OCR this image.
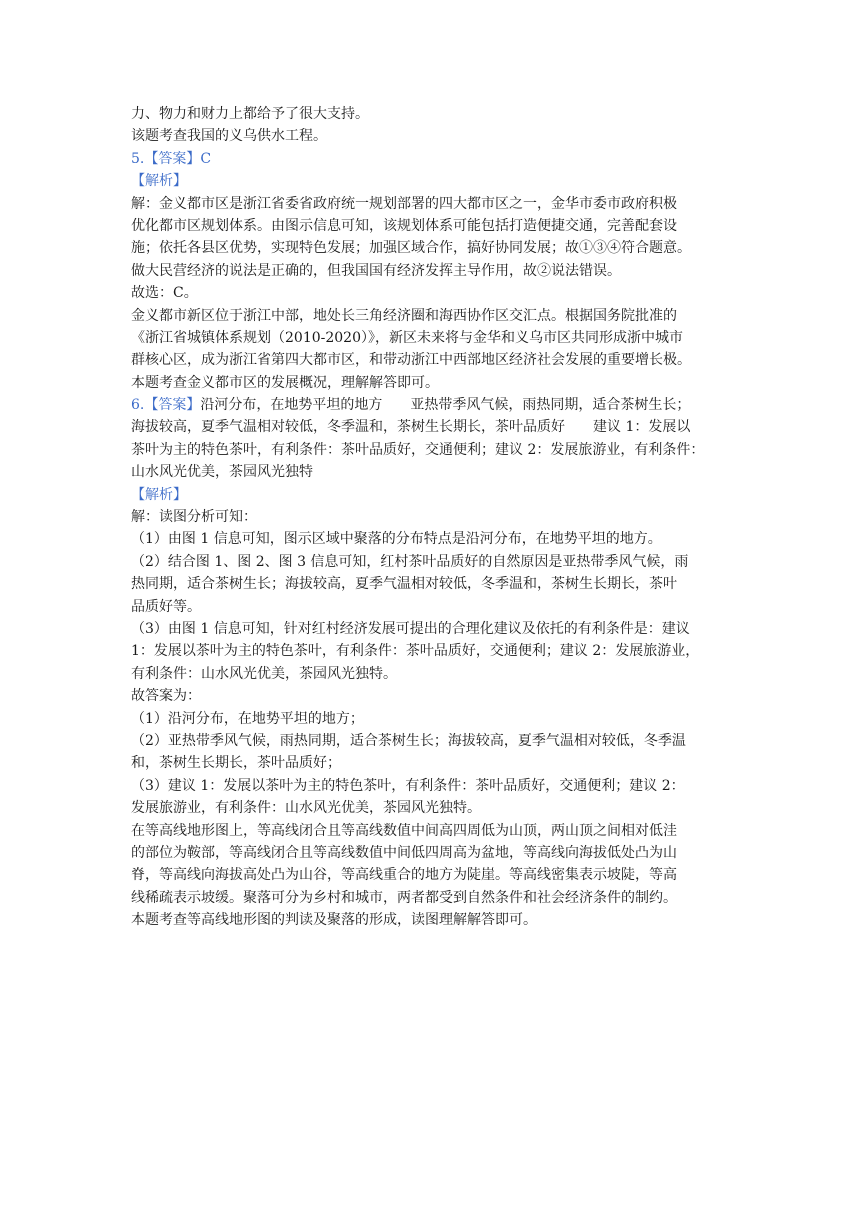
力、物力和财力上都给予了很大支持。
该题考查我国的义乌供水工程。
5.【答案】C
【解析】
解：金义都市区是浙江省委省政府统一规划部署的四大都市区之一，金华市委市政府积极
优化都市区规划体系。由图示信息可知，该规划体系可能包括打造便捷交通，完善配套设
施；依托各县区优势，实现特色发展；加强区域合作，搞好协同发展；故①③④符合题意。
做大民营经济的说法是正确的，但我国国有经济发挥主导作用，故②说法错误。
故选：C。
金义都市新区位于浙江中部，地处长三角经济圈和海西协作区交汇点。根据国务院批准的
《浙江省城镇体系规划（2010-2020）》，新区未来将与金华和义乌市区共同形成浙中城市
群核心区，成为浙江省第四大都市区，和带动浙江中西部地区经济社会发展的重要增长极。
本题考查金义都市区的发展概况，理解解答即可。
6.【答案】沿河分布，在地势平坦的地方　　亚热带季风气候，雨热同期，适合茶树生长；
海拔较高，夏季气温相对较低，冬季温和，茶树生长期长，茶叶品质好　　建议 1：发展以
茶叶为主的特色茶叶，有利条件：茶叶品质好，交通便利；建议 2：发展旅游业，有利条件：
山水风光优美，茶园风光独特
【解析】
解：读图分析可知：
（1）由图 1 信息可知，图示区域中聚落的分布特点是沿河分布，在地势平坦的地方。
（2）结合图 1、图 2、图 3 信息可知，红村茶叶品质好的自然原因是亚热带季风气候，雨
热同期，适合茶树生长；海拔较高，夏季气温相对较低，冬季温和，茶树生长期长，茶叶
品质好等。
（3）由图 1 信息可知，针对红村经济发展可提出的合理化建议及依托的有利条件是：建议
1：发展以茶叶为主的特色茶叶，有利条件：茶叶品质好，交通便利；建议 2：发展旅游业，
有利条件：山水风光优美，茶园风光独特。
故答案为：
（1）沿河分布，在地势平坦的地方；
（2）亚热带季风气候，雨热同期，适合茶树生长；海拔较高，夏季气温相对较低，冬季温
和，茶树生长期长，茶叶品质好；
（3）建议 1：发展以茶叶为主的特色茶叶，有利条件：茶叶品质好，交通便利；建议 2：
发展旅游业，有利条件：山水风光优美，茶园风光独特。
在等高线地形图上，等高线闭合且等高线数值中间高四周低为山顶，两山顶之间相对低洼
的部位为鞍部，等高线闭合且等高线数值中间低四周高为盆地，等高线向海拔低处凸为山
脊，等高线向海拔高处凸为山谷，等高线重合的地方为陡崖。等高线密集表示坡陡，等高
线稀疏表示坡缓。聚落可分为乡村和城市，两者都受到自然条件和社会经济条件的制约。
本题考查等高线地形图的判读及聚落的形成，读图理解解答即可。
